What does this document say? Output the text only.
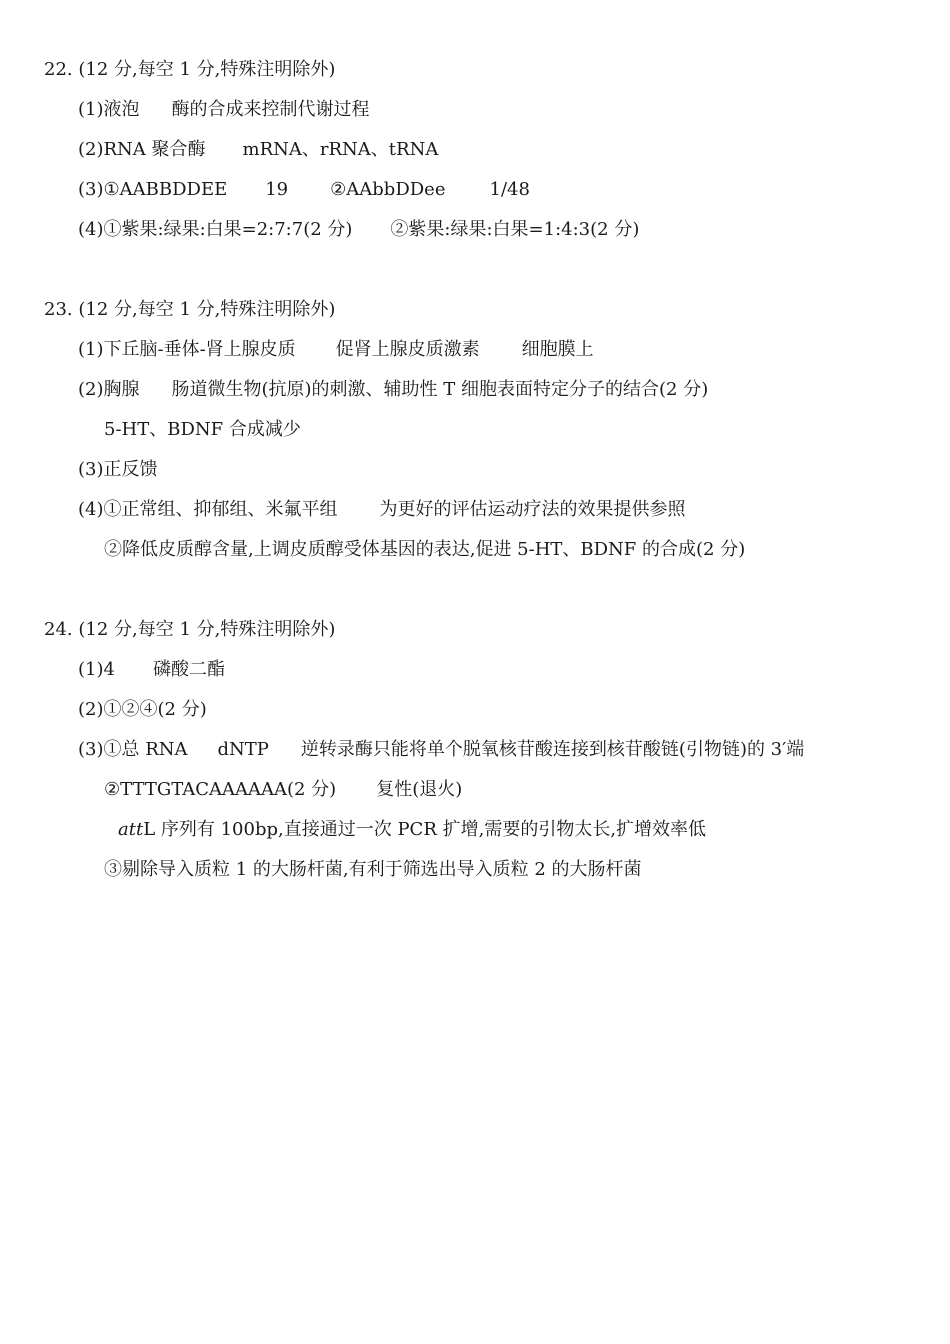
22. (12 分,每空 1 分,特殊注明除外)
(1)液泡 酶的合成来控制代谢过程
(2)RNA 聚合酶 mRNA、rRNA、tRNA
(3)①AABBDDEE 19 ②AAbbDDee 1/48
(4)①紫果:绿果:白果=2:7:7(2 分) ②紫果:绿果:白果=1:4:3(2 分)
23. (12 分,每空 1 分,特殊注明除外)
(1)下丘脑-垂体-肾上腺皮质 促肾上腺皮质激素 细胞膜上
(2)胸腺 肠道微生物(抗原)的刺激、辅助性 T 细胞表面特定分子的结合(2 分)
5-HT、BDNF 合成减少
(3)正反馈
(4)①正常组、抑郁组、米氟平组 为更好的评估运动疗法的效果提供参照
②降低皮质醇含量,上调皮质醇受体基因的表达,促进 5-HT、BDNF 的合成(2 分)
24. (12 分,每空 1 分,特殊注明除外)
(1)4 磷酸二酯
(2)①②④(2 分)
(3)①总 RNA dNTP 逆转录酶只能将单个脱氧核苷酸连接到核苷酸链(引物链)的 3′端
②TTTGTACAAAAAA(2 分) 复性(退火)
attL 序列有 100bp,直接通过一次 PCR 扩增,需要的引物太长,扩增效率低
③剔除导入质粒 1 的大肠杆菌,有利于筛选出导入质粒 2 的大肠杆菌
